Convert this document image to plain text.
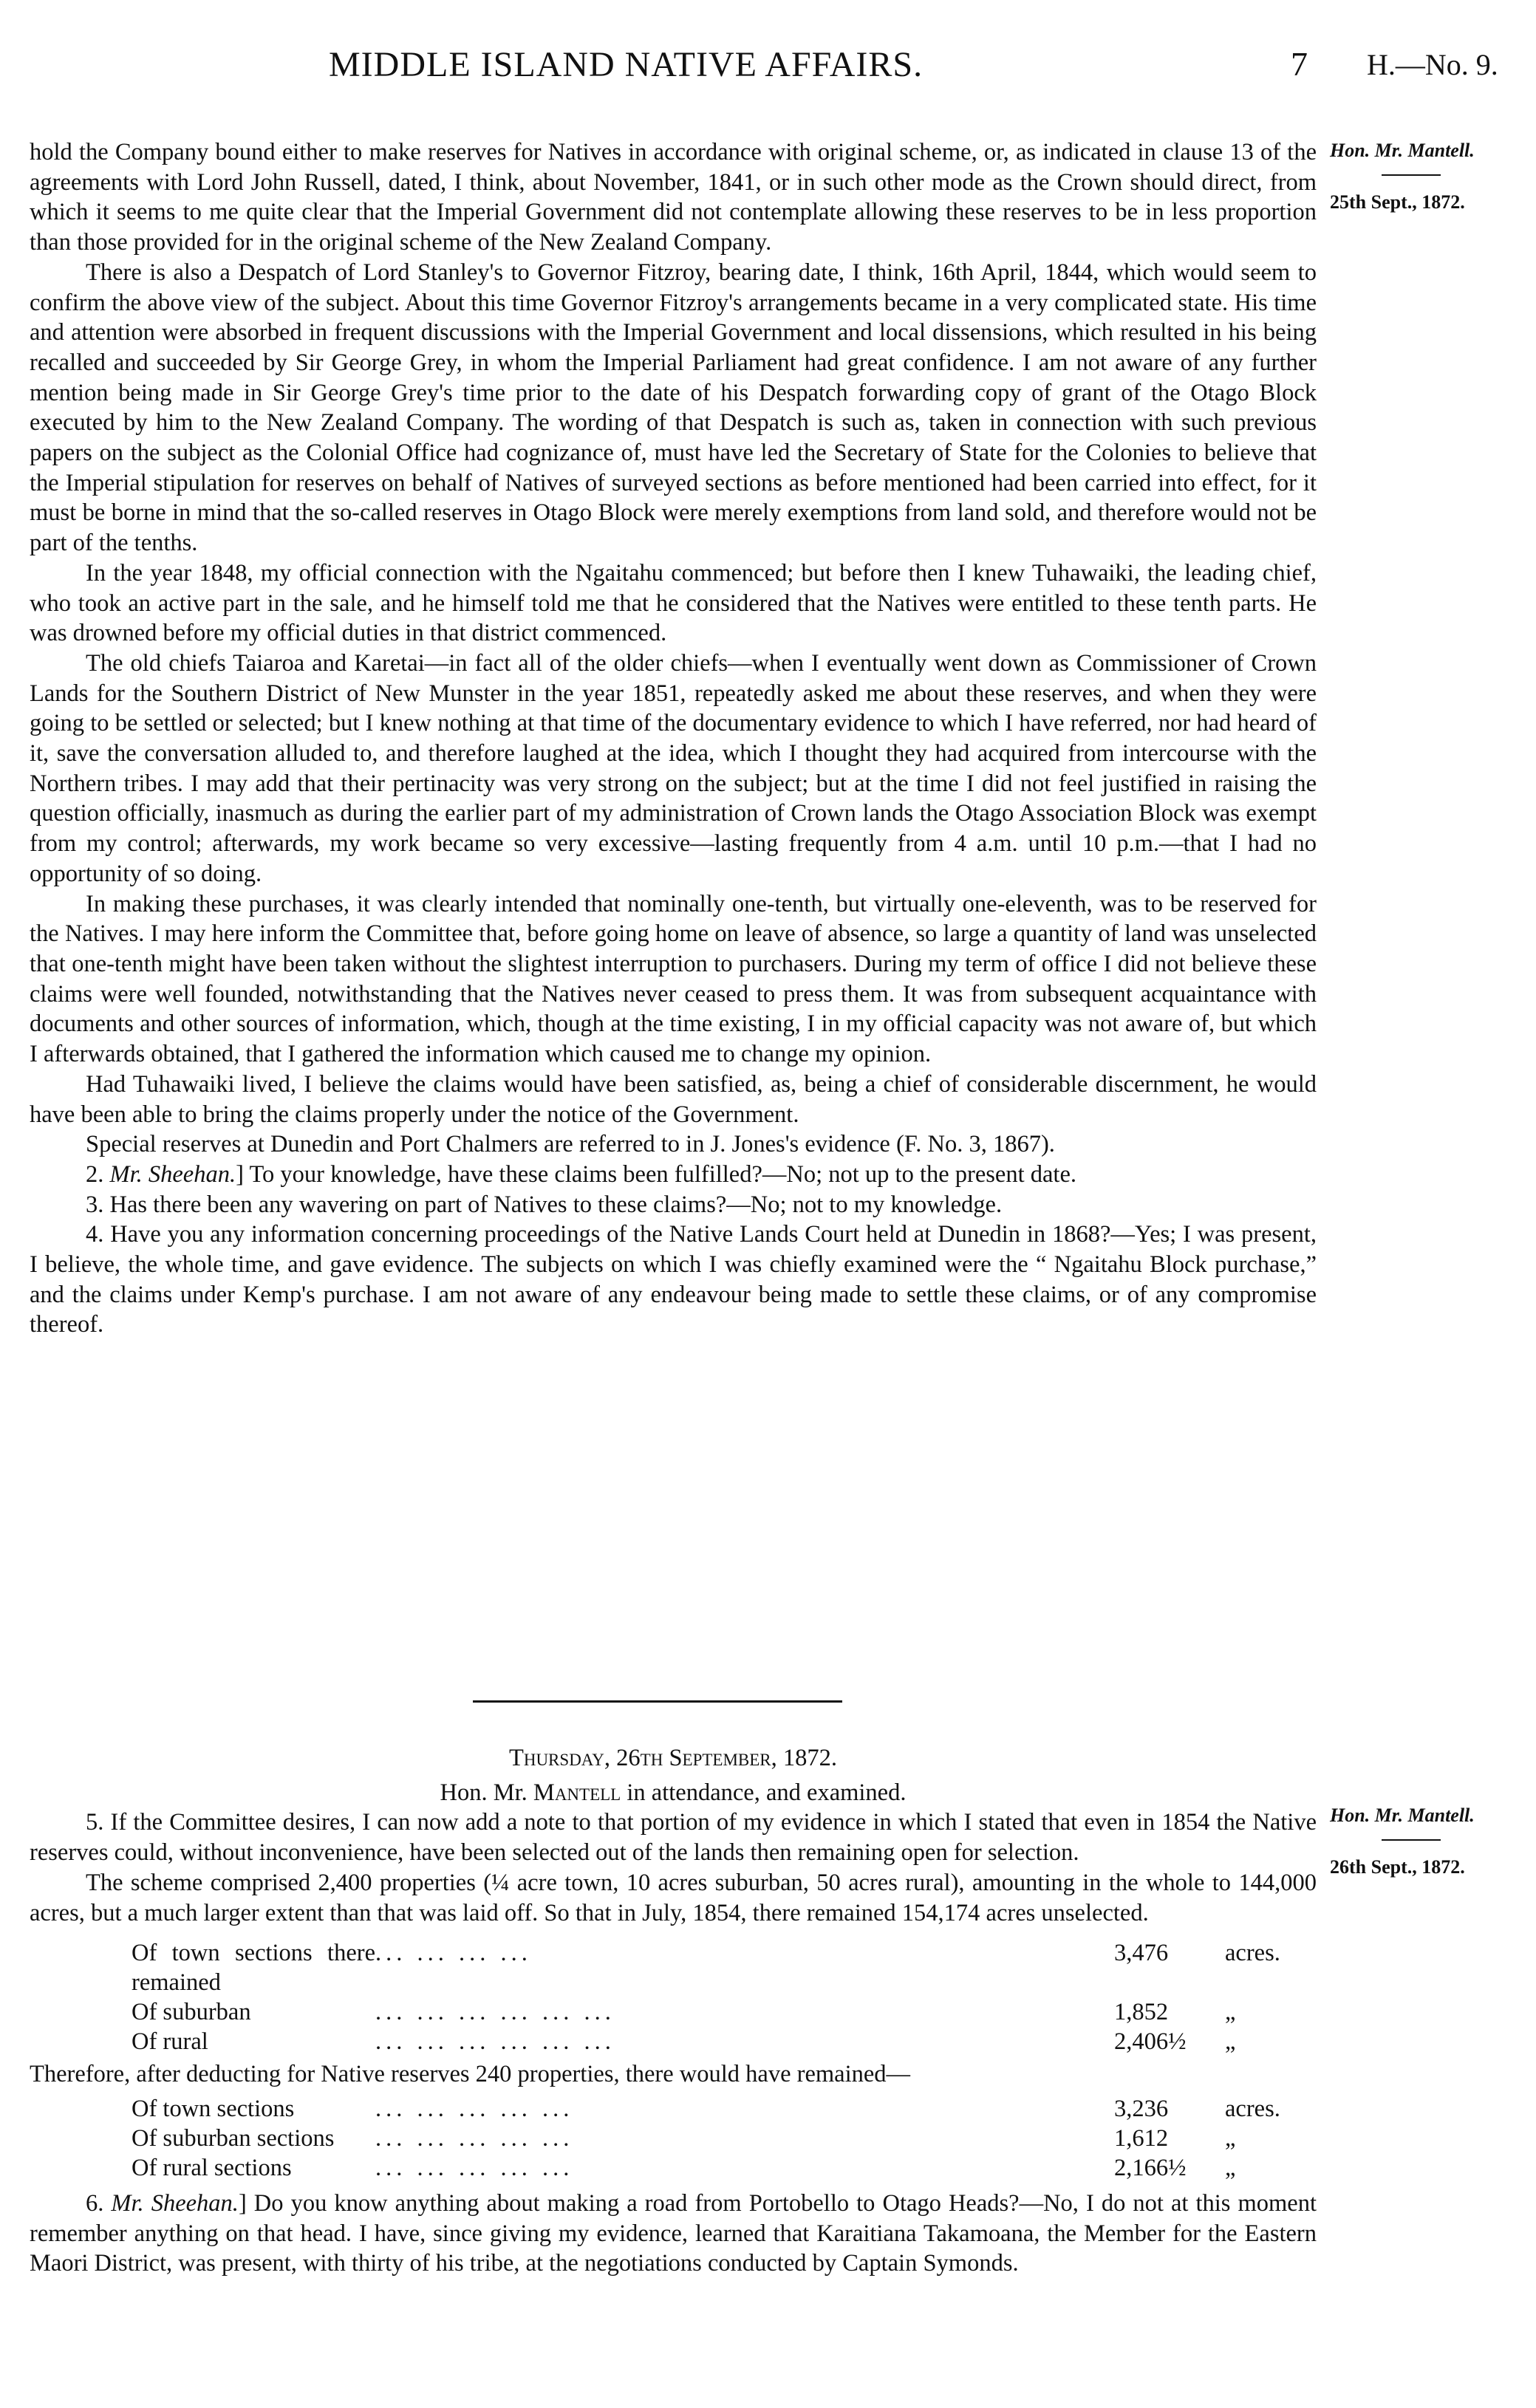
MIDDLE ISLAND NATIVE AFFAIRS.	7 H.—No. 9.
Hon. Mr. Mantell.
25th Sept., 1872.

hold the Company bound either to make reserves for Natives in accordance with original scheme, or, as indicated in clause 13 of the agreements with Lord John Russell, dated, I think, about November, 1841, or in such other mode as the Crown should direct, from which it seems to me quite clear that the Imperial Government did not contemplate allowing these reserves to be in less proportion than those provided for in the original scheme of the New Zealand Company.

There is also a Despatch of Lord Stanley's to Governor Fitzroy, bearing date, I think, 16th April, 1844, which would seem to confirm the above view of the subject. About this time Governor Fitzroy's arrangements became in a very complicated state. His time and attention were absorbed in frequent discussions with the Imperial Government and local dissensions, which resulted in his being recalled and succeeded by Sir George Grey, in whom the Imperial Parliament had great confidence. I am not aware of any further mention being made in Sir George Grey's time prior to the date of his Despatch forwarding copy of grant of the Otago Block executed by him to the New Zealand Company. The wording of that Despatch is such as, taken in connection with such previous papers on the subject as the Colonial Office had cognizance of, must have led the Secretary of State for the Colonies to believe that the Imperial stipulation for reserves on behalf of Natives of surveyed sections as before mentioned had been carried into effect, for it must be borne in mind that the so-called reserves in Otago Block were merely exemptions from land sold, and therefore would not be part of the tenths.

In the year 1848, my official connection with the Ngaitahu commenced; but before then I knew Tuhawaiki, the leading chief, who took an active part in the sale, and he himself told me that he considered that the Natives were entitled to these tenth parts. He was drowned before my official duties in that district commenced.

The old chiefs Taiaroa and Karetai—in fact all of the older chiefs—when I eventually went down as Commissioner of Crown Lands for the Southern District of New Munster in the year 1851, repeatedly asked me about these reserves, and when they were going to be settled or selected; but I knew nothing at that time of the documentary evidence to which I have referred, nor had heard of it, save the conversation alluded to, and therefore laughed at the idea, which I thought they had acquired from intercourse with the Northern tribes. I may add that their pertinacity was very strong on the subject; but at the time I did not feel justified in raising the question officially, inasmuch as during the earlier part of my administration of Crown lands the Otago Association Block was exempt from my control; afterwards, my work became so very excessive—lasting frequently from 4 a.m. until 10 p.m.—that I had no opportunity of so doing.

In making these purchases, it was clearly intended that nominally one-tenth, but virtually one-eleventh, was to be reserved for the Natives. I may here inform the Committee that, before going home on leave of absence, so large a quantity of land was unselected that one-tenth might have been taken without the slightest interruption to purchasers. During my term of office I did not believe these claims were well founded, notwithstanding that the Natives never ceased to press them. It was from subsequent acquaintance with documents and other sources of information, which, though at the time existing, I in my official capacity was not aware of, but which I afterwards obtained, that I gathered the information which caused me to change my opinion.

Had Tuhawaiki lived, I believe the claims would have been satisfied, as, being a chief of considerable discernment, he would have been able to bring the claims properly under the notice of the Government.

Special reserves at Dunedin and Port Chalmers are referred to in J. Jones's evidence (F. No. 3, 1867).

2. Mr. Sheehan.] To your knowledge, have these claims been fulfilled?—No; not up to the present date.

3. Has there been any wavering on part of Natives to these claims?—No; not to my knowledge.

4. Have you any information concerning proceedings of the Native Lands Court held at Dunedin in 1868?—Yes; I was present, I believe, the whole time, and gave evidence. The subjects on which I was chiefly examined were the “ Ngaitahu Block purchase,” and the claims under Kemp's purchase. I am not aware of any endeavour being made to settle these claims, or of any compromise thereof.

Hon. Mr. Mantell.
26th Sept., 1872.

Thursday, 26th September, 1872.

Hon. Mr. Mantell in attendance, and examined.

5. If the Committee desires, I can now add a note to that portion of my evidence in which I stated that even in 1854 the Native reserves could, without inconvenience, have been selected out of the lands then remaining open for selection.

The scheme comprised 2,400 properties (¼ acre town, 10 acres suburban, 50 acres rural), amounting in the whole to 144,000 acres, but a much larger extent than that was laid off. So that in July, 1854, there remained 154,174 acres unselected.

Of town sections there remained	... ... ... ...	3,476	acres.
Of suburban	... ... ... ... ... ...	1,852	„
Of rural	... ... ... ... ... ...	2,406½	„

Therefore, after deducting for Native reserves 240 properties, there would have remained—

Of town sections	... ... ... ... ...	3,236	acres.
Of suburban sections	... ... ... ... ...	1,612	„
Of rural sections	... ... ... ... ...	2,166½	„

6. Mr. Sheehan.] Do you know anything about making a road from Portobello to Otago Heads?—No, I do not at this moment remember anything on that head. I have, since giving my evidence, learned that Karaitiana Takamoana, the Member for the Eastern Maori District, was present, with thirty of his tribe, at the negotiations conducted by Captain Symonds.
